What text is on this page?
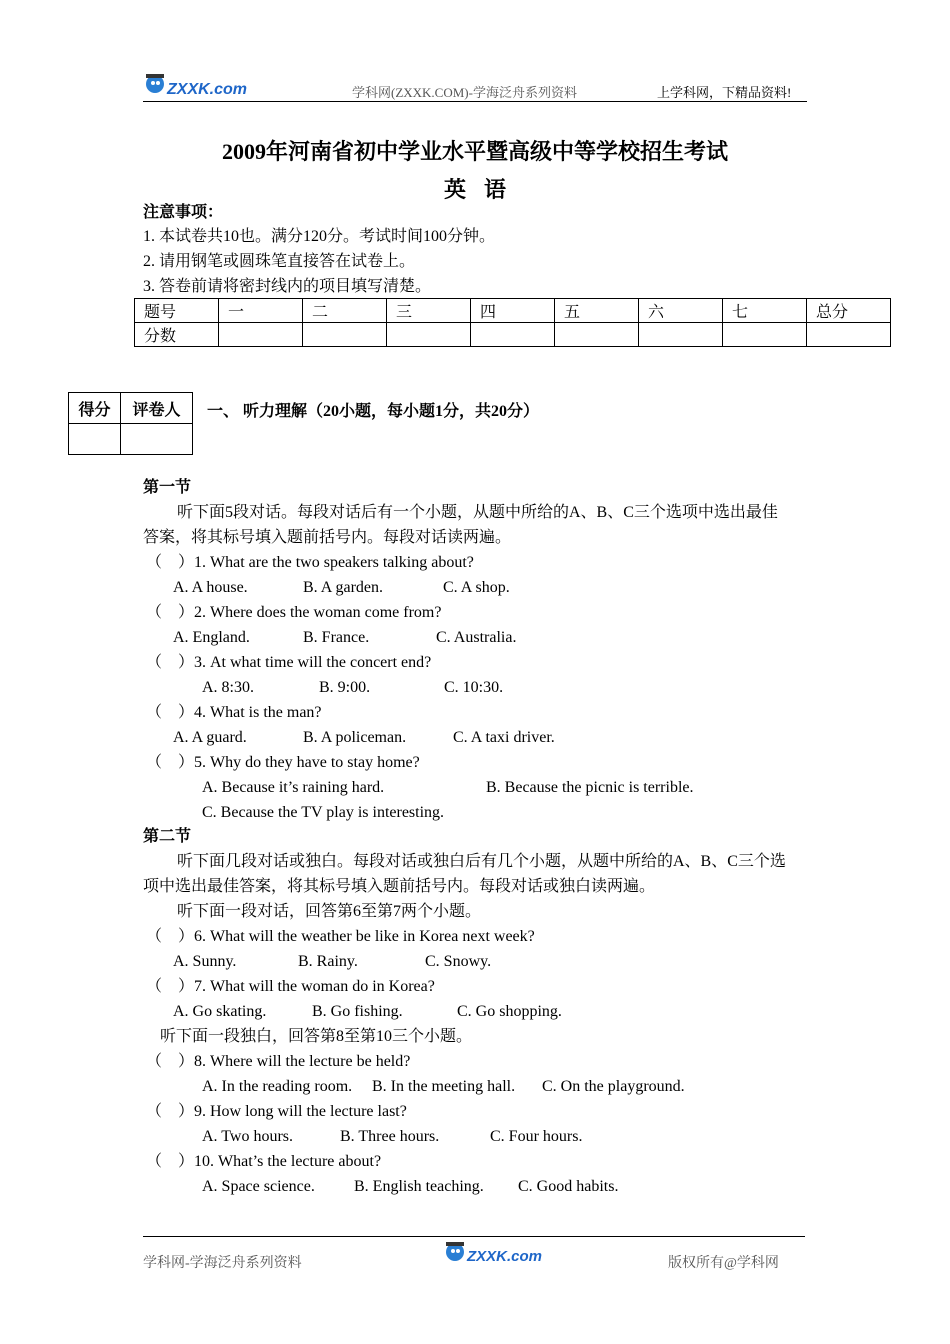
ZXXK.com	学科网(ZXXK.COM)-学海泛舟系列资料	上学科网，下精品资料!
2009年河南省初中学业水平暨高级中等学校招生考试
英语
注意事项：
1. 本试卷共10也。满分120分。考试时间100分钟。
2. 请用钢笔或圆珠笔直接答在试卷上。
3. 答卷前请将密封线内的项目填写清楚。
题号	一	二	三	四	五	六	七	总分
分数								
得分	评卷人
	一、 听力理解（20小题，每小题1分，共20分）
第一节
听下面5段对话。每段对话后有一个小题，从题中所给的A、B、C三个选项中选出最佳
答案，将其标号填入题前括号内。每段对话读两遍。
（　）1. What are the two speakers talking about?
A. A house.	B. A garden.	C. A shop.
（　）2. Where does the woman come from?
A. England.	B. France.	C. Australia.
（　）3. At what time will the concert end?
A. 8:30.	B. 9:00.	C. 10:30.
（　）4. What is the man?
A. A guard.	B. A policeman.	C. A taxi driver.
（　）5. Why do they have to stay home?
A. Because it’s raining hard.	B. Because the picnic is terrible.
C. Because the TV play is interesting.
第二节
听下面几段对话或独白。每段对话或独白后有几个小题，从题中所给的A、B、C三个选
项中选出最佳答案，将其标号填入题前括号内。每段对话或独白读两遍。
听下面一段对话，回答第6至第7两个小题。
（　）6. What will the weather be like in Korea next week?
A. Sunny.	B. Rainy.	C. Snowy.
（　）7. What will the woman do in Korea?
A. Go skating.	B. Go fishing.	C. Go shopping.
听下面一段独白，回答第8至第10三个小题。
（　）8. Where will the lecture be held?
A. In the reading room. B. In the meeting hall. C. On the playground.
（　）9. How long will the lecture last?
A. Two hours.	B. Three hours.	C. Four hours.
（　）10. What’s the lecture about?
A. Space science. B. English teaching. C. Good habits.
学科网-学海泛舟系列资料	ZXXK.com	版权所有@学科网
